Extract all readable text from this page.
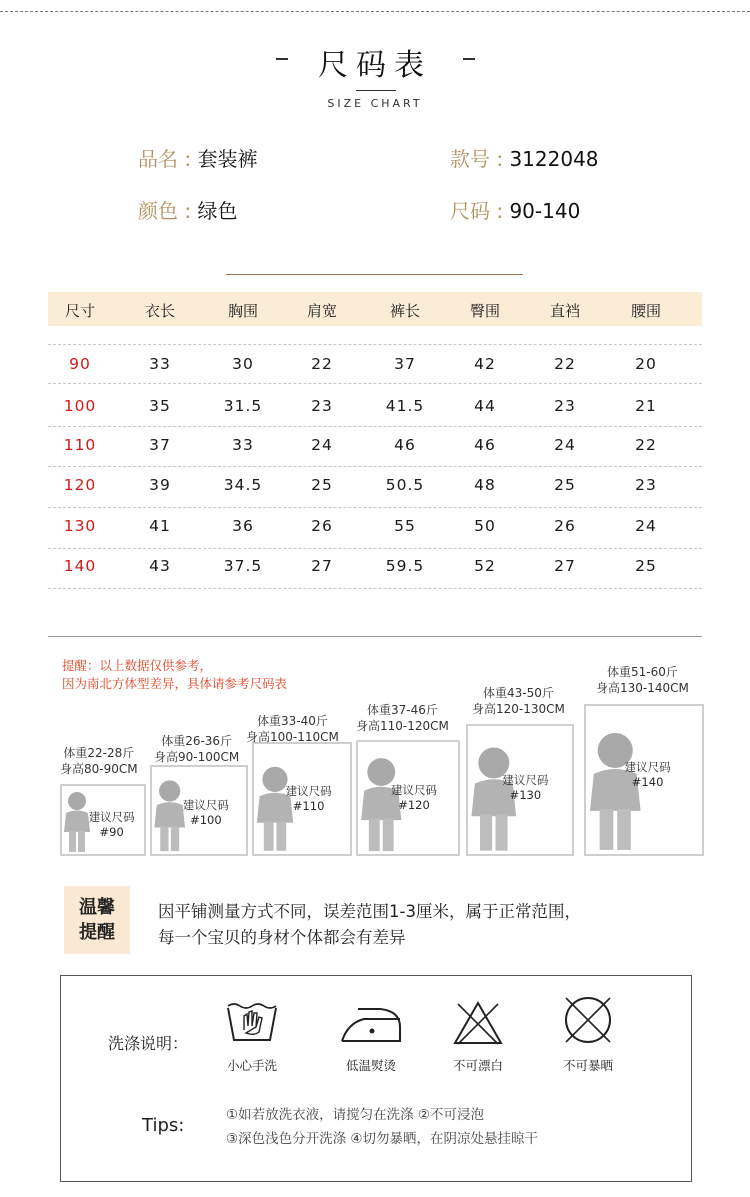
尺码表
SIZE CHART
品名 : 套装裤	款号 : 3122048
颜色 : 绿色	尺码 : 90-140
尺寸	衣长	胸围	肩宽	裤长	臀围	直裆	腰围
90	33	30	22	37	42	22	20
100	35	31.5	23	41.5	44	23	21
110	37	33	24	46	46	24	22
120	39	34.5	25	50.5	48	25	23
130	41	36	26	55	50	26	24
140	43	37.5	27	59.5	52	27	25
提醒：以上数据仅供参考，
因为南北方体型差异，具体请参考尺码表
体重22-28斤
身高80-90CM
建议尺码
#90
体重26-36斤
身高90-100CM
建议尺码
#100
体重33-40斤
身高100-110CM
建议尺码
#110
体重37-46斤
身高110-120CM
建议尺码
#120
体重43-50斤
身高120-130CM
建议尺码
#130
体重51-60斤
身高130-140CM
建议尺码
#140
温馨
提醒
因平铺测量方式不同，误差范围1-3厘米，属于正常范围，
每一个宝贝的身材个体都会有差异
洗涤说明：
小心手洗	低温熨烫	不可漂白	不可暴晒
Tips:	①如若放洗衣液，请搅匀在洗涤 ②不可浸泡
③深色浅色分开洗涤 ④切勿暴晒，在阴凉处悬挂晾干
